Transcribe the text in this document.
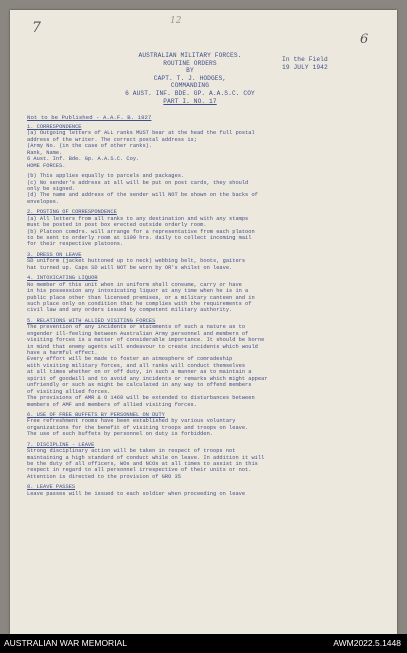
7	12
6
AUSTRALIAN MILITARY FORCES.
ROUTINE ORDERS
BY
CAPT. T. J. HODGES,
COMMANDING
6 AUST. INF. BDE. GP. A.A.S.C. COY
PART I. NO. 17
In the Field
19 JULY 1942
Not to be Published - A.A.F. B. 1927
1. CORRESPONDENCE
(a) Outgoing letters of ALL ranks MUST bear at the head the full postal
address of the writer. The correct postal address is;
(Army No. (in the case of other ranks).
Rank, Name.
6 Aust. Inf. Bde. Gp. A.A.S.C. Coy.
HOME FORCES.
(b) This applies equally to parcels and packages.
(c) No sender's address at all will be put on post cards, they should
only be signed.
(d) The name and address of the sender will NOT be shown on the backs of
envelopes.
2. POSTING OF CORRESPONDENCE
(a) All letters from all ranks to any destination and with any stamps
must be posted in post box erected outside orderly room.
(b) Platoon comdrs. will arrange for a representative from each platoon
to be sent to orderly room at 1100 hrs. daily to collect incoming mail
for their respective platoons.
3. DRESS ON LEAVE
SD uniform (jacket buttoned up to neck) webbing belt, boots, gaiters
hat turned up. Caps SD will NOT be worn by OR's whilst on leave.
4. INTOXICATING LIQUOR
No member of this unit when in uniform shall consume, carry or have
in his possession any intoxicating liquor at any time when he is in a
public place other than licensed premises, or a military canteen and in
such place only on condition that he complies with the requirements of
civil law and any orders issued by competent military authority.
5. RELATIONS WITH ALLIED VISITING FORCES
The prevention of any incidents or statements of such a nature as to
engender ill-feeling between Australian Army personnel and members of
visiting forces is a matter of considerable importance. It should be borne
in mind that enemy agents will endeavour to create incidents which would
have a harmful effect.
Every effort will be made to foster an atmosphere of comradeship
with visiting military forces, and all ranks will conduct themselves
at all times whether on or off duty, in such a manner as to maintain a
spirit of goodwill and to avoid any incidents or remarks which might appear
unfriendly or such as might be calculated in any way to offend members
of visiting allied forces.
The provisions of AMR & O 1469 will be extended to disturbances between
members of AMF and members of allied visiting forces.
6. USE OF FREE BUFFETS BY PERSONNEL ON DUTY
Free refreshment rooms have been established by various voluntary
organizations for the benefit of visiting troops and troops on leave.
The use of such buffets by personnel on duty is forbidden.
7. DISCIPLINE - LEAVE
Strong disciplinary action will be taken in respect of troops not
maintaining a high standard of conduct while on leave. In addition it will
be the duty of all officers, WOs and NCOs at all times to assist in this
respect in regard to all personnel irrespective of their units or not.
Attention is directed to the provision of GRO 35
8. LEAVE PASSES
Leave passes will be issued to each soldier when proceeding on leave
AUSTRALIAN WAR MEMORIAL	AWM2022.5.1448
